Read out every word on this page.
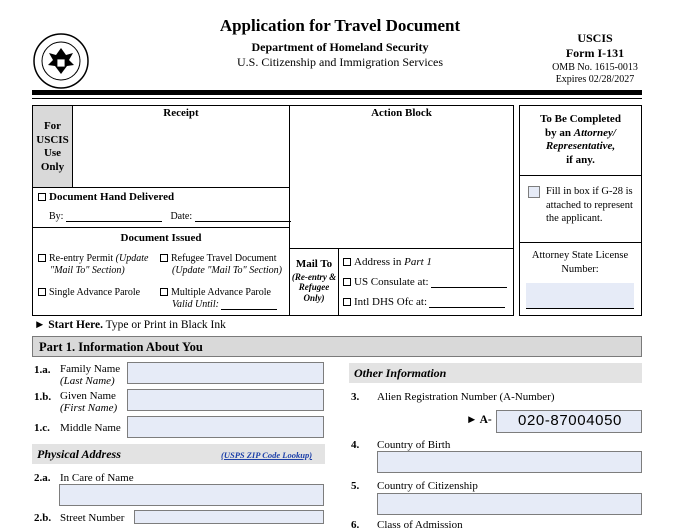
Application for Travel Document
Department of Homeland Security
U.S. Citizenship and Immigration Services
USCIS
Form I-131
OMB No. 1615-0013
Expires 02/28/2027
For
USCIS
Use
Only
Receipt	Action Block
Document Hand Delivered
By:	Date:
Document Issued
Re-entry Permit (Update
"Mail To" Section)
Refugee Travel Document
(Update "Mail To" Section)
Single Advance Parole	Multiple Advance Parole
Valid Until:
Mail To
(Re-entry &
Refugee
Only)
Address in Part 1
US Consulate at:
Intl DHS Ofc at:
To Be Completed
by an Attorney/
Representative,
if any.
Fill in box if G-28 is attached to represent the applicant.
Attorney State License Number:
► Start Here. Type or Print in Black Ink
Part 1. Information About You
1.a. Family Name
(Last Name)
1.b. Given Name
(First Name)
1.c. Middle Name
Physical Address	(USPS ZIP Code Lookup)
2.a. In Care of Name
2.b. Street Number
Other Information
3. Alien Registration Number (A-Number)
► A-	020-87004050
4. Country of Birth
5. Country of Citizenship
6. Class of Admission
